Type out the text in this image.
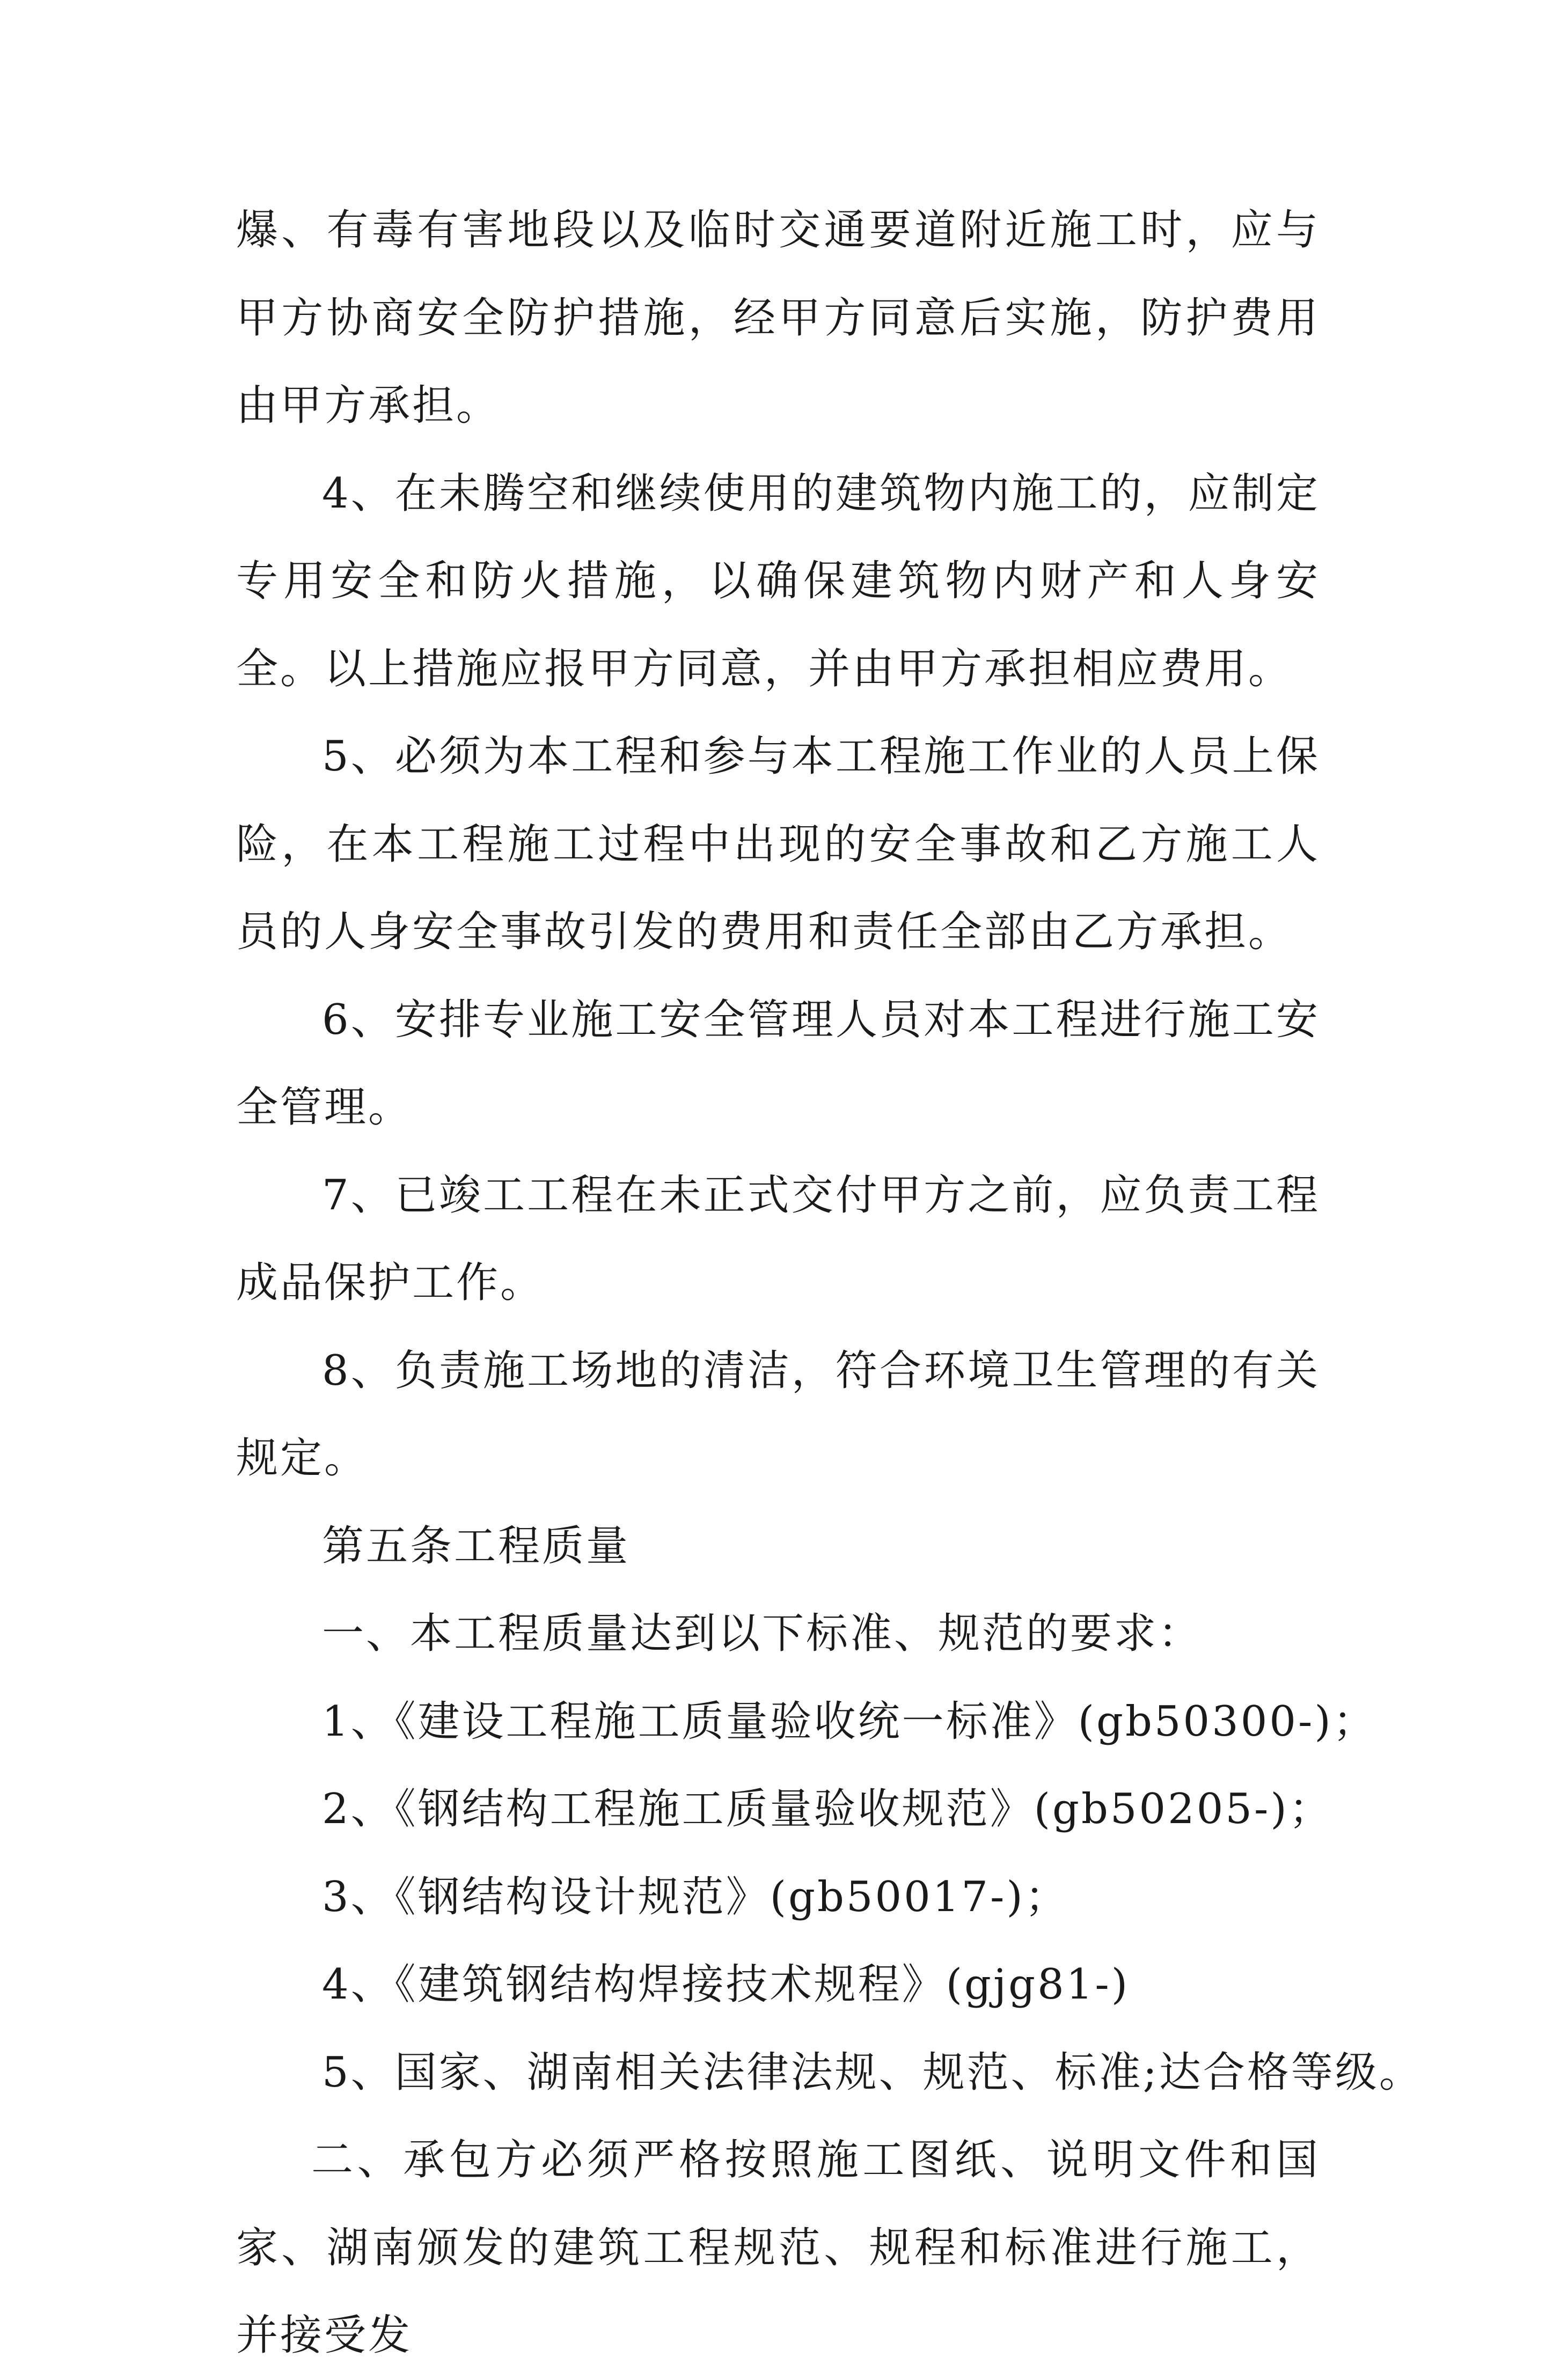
爆、有毒有害地段以及临时交通要道附近施工时，应与甲方协商安全防护措施，经甲方同意后实施，防护费用由甲方承担。

4、在未腾空和继续使用的建筑物内施工的，应制定专用安全和防火措施，以确保建筑物内财产和人身安全。以上措施应报甲方同意，并由甲方承担相应费用。

5、必须为本工程和参与本工程施工作业的人员上保险，在本工程施工过程中出现的安全事故和乙方施工人员的人身安全事故引发的费用和责任全部由乙方承担。

6、安排专业施工安全管理人员对本工程进行施工安全管理。

7、已竣工工程在未正式交付甲方之前，应负责工程成品保护工作。

8、负责施工场地的清洁，符合环境卫生管理的有关规定。

第五条工程质量

一、本工程质量达到以下标准、规范的要求：

1、《建设工程施工质量验收统一标准》(gb50300-)；

2、《钢结构工程施工质量验收规范》(gb50205-)；

3、《钢结构设计规范》(gb50017-)；

4、《建筑钢结构焊接技术规程》(gjg81-)

5、国家、湖南相关法律法规、规范、标准;达合格等级。

二、承包方必须严格按照施工图纸、说明文件和国家、湖南颁发的建筑工程规范、规程和标准进行施工，并接受发
